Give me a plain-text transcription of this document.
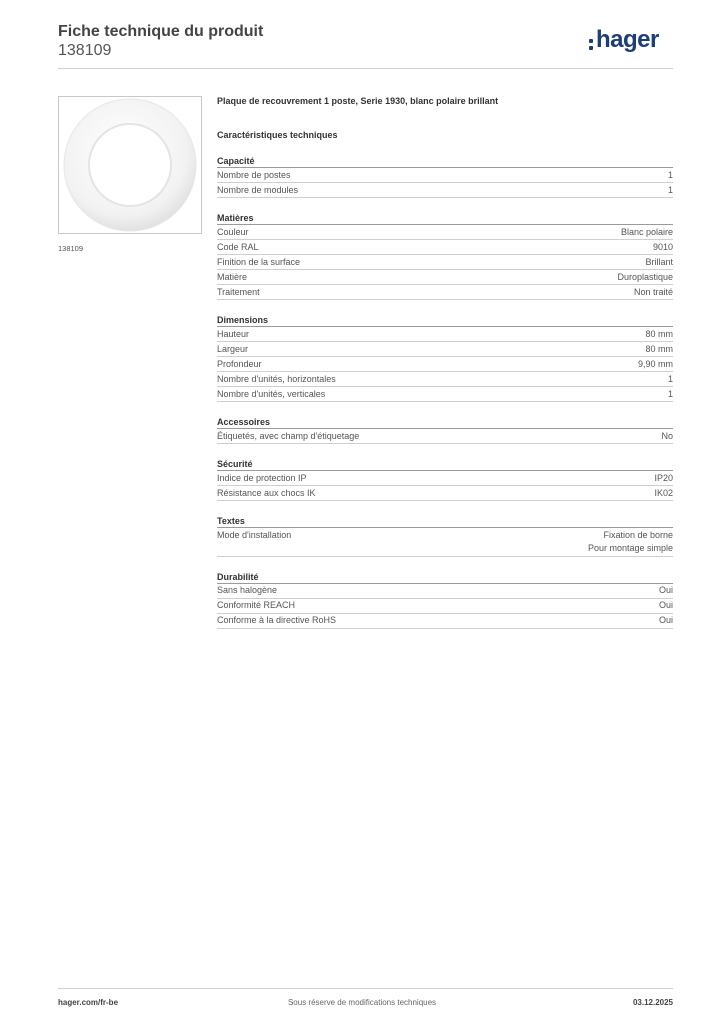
Fiche technique du produit
138109	hager
138109
Plaque de recouvrement 1 poste, Serie 1930, blanc polaire brillant
Caractéristiques techniques
Capacité
Nombre de postes	1
Nombre de modules	1
Matières
Couleur	Blanc polaire
Code RAL	9010
Finition de la surface	Brillant
Matière	Duroplastique
Traitement	Non traité
Dimensions
Hauteur	80 mm
Largeur	80 mm
Profondeur	9,90 mm
Nombre d'unités, horizontales	1
Nombre d'unités, verticales	1
Accessoires
Étiquetés, avec champ d'étiquetage	No
Sécurité
Indice de protection IP	IP20
Résistance aux chocs IK	IK02
Textes
Mode d'installation	Fixation de borne
Pour montage simple
Durabilité
Sans halogène	Oui
Conformité REACH	Oui
Conforme à la directive RoHS	Oui
hager.com/fr-be	Sous réserve de modifications techniques	03.12.2025
